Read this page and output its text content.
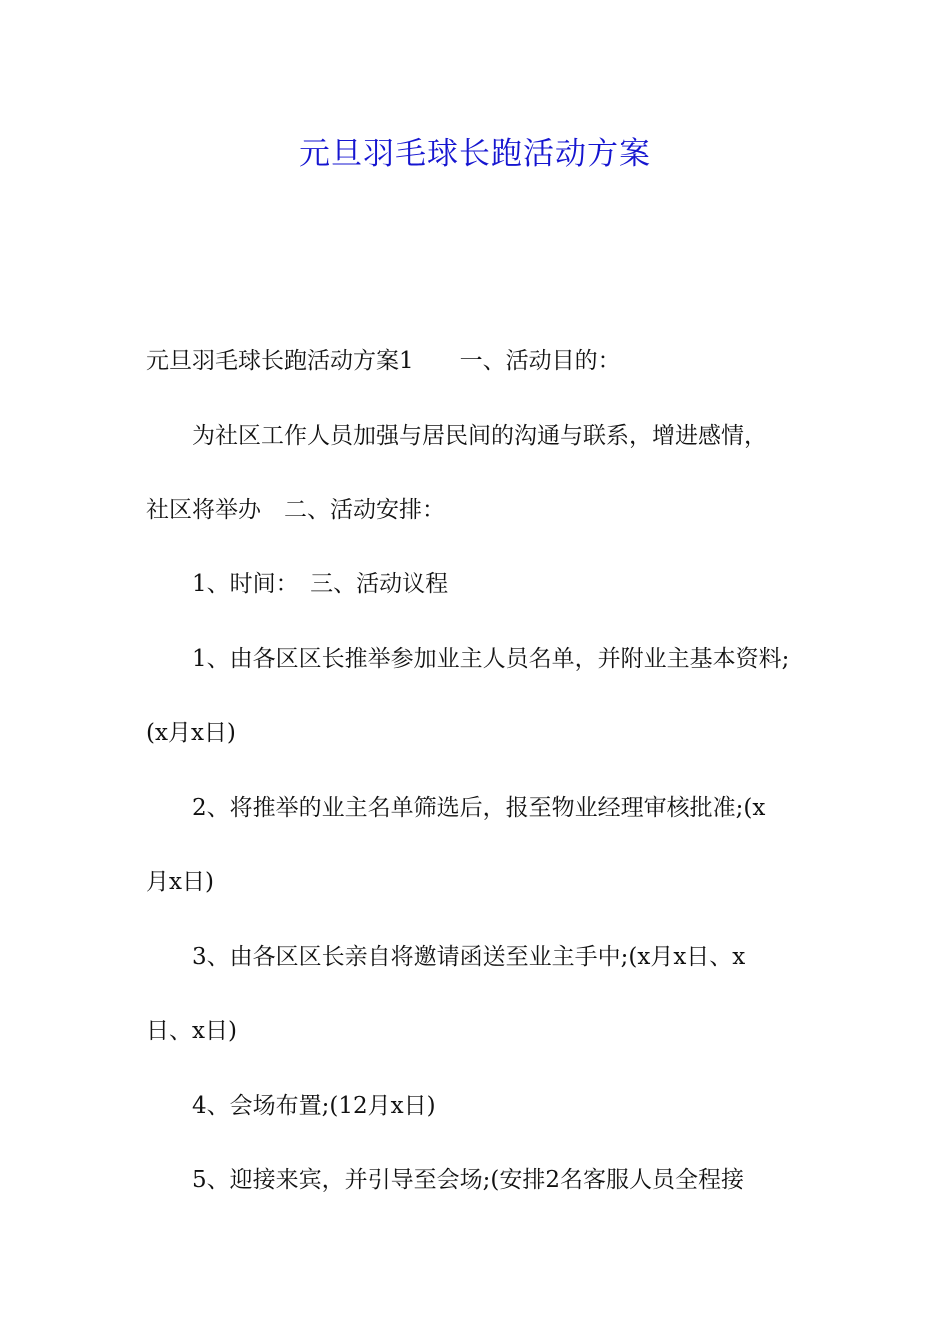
元旦羽毛球长跑活动方案

元旦羽毛球长跑活动方案1　　一、活动目的：

为社区工作人员加强与居民间的沟通与联系，增进感情，

社区将举办　二、活动安排：

1、时间：　三、活动议程

1、由各区区长推举参加业主人员名单，并附业主基本资料;

(x月x日)

2、将推举的业主名单筛选后，报至物业经理审核批准;(x

月x日)

3、由各区区长亲自将邀请函送至业主手中;(x月x日、x

日、x日)

4、会场布置;(12月x日)

5、迎接来宾，并引导至会场;(安排2名客服人员全程接
